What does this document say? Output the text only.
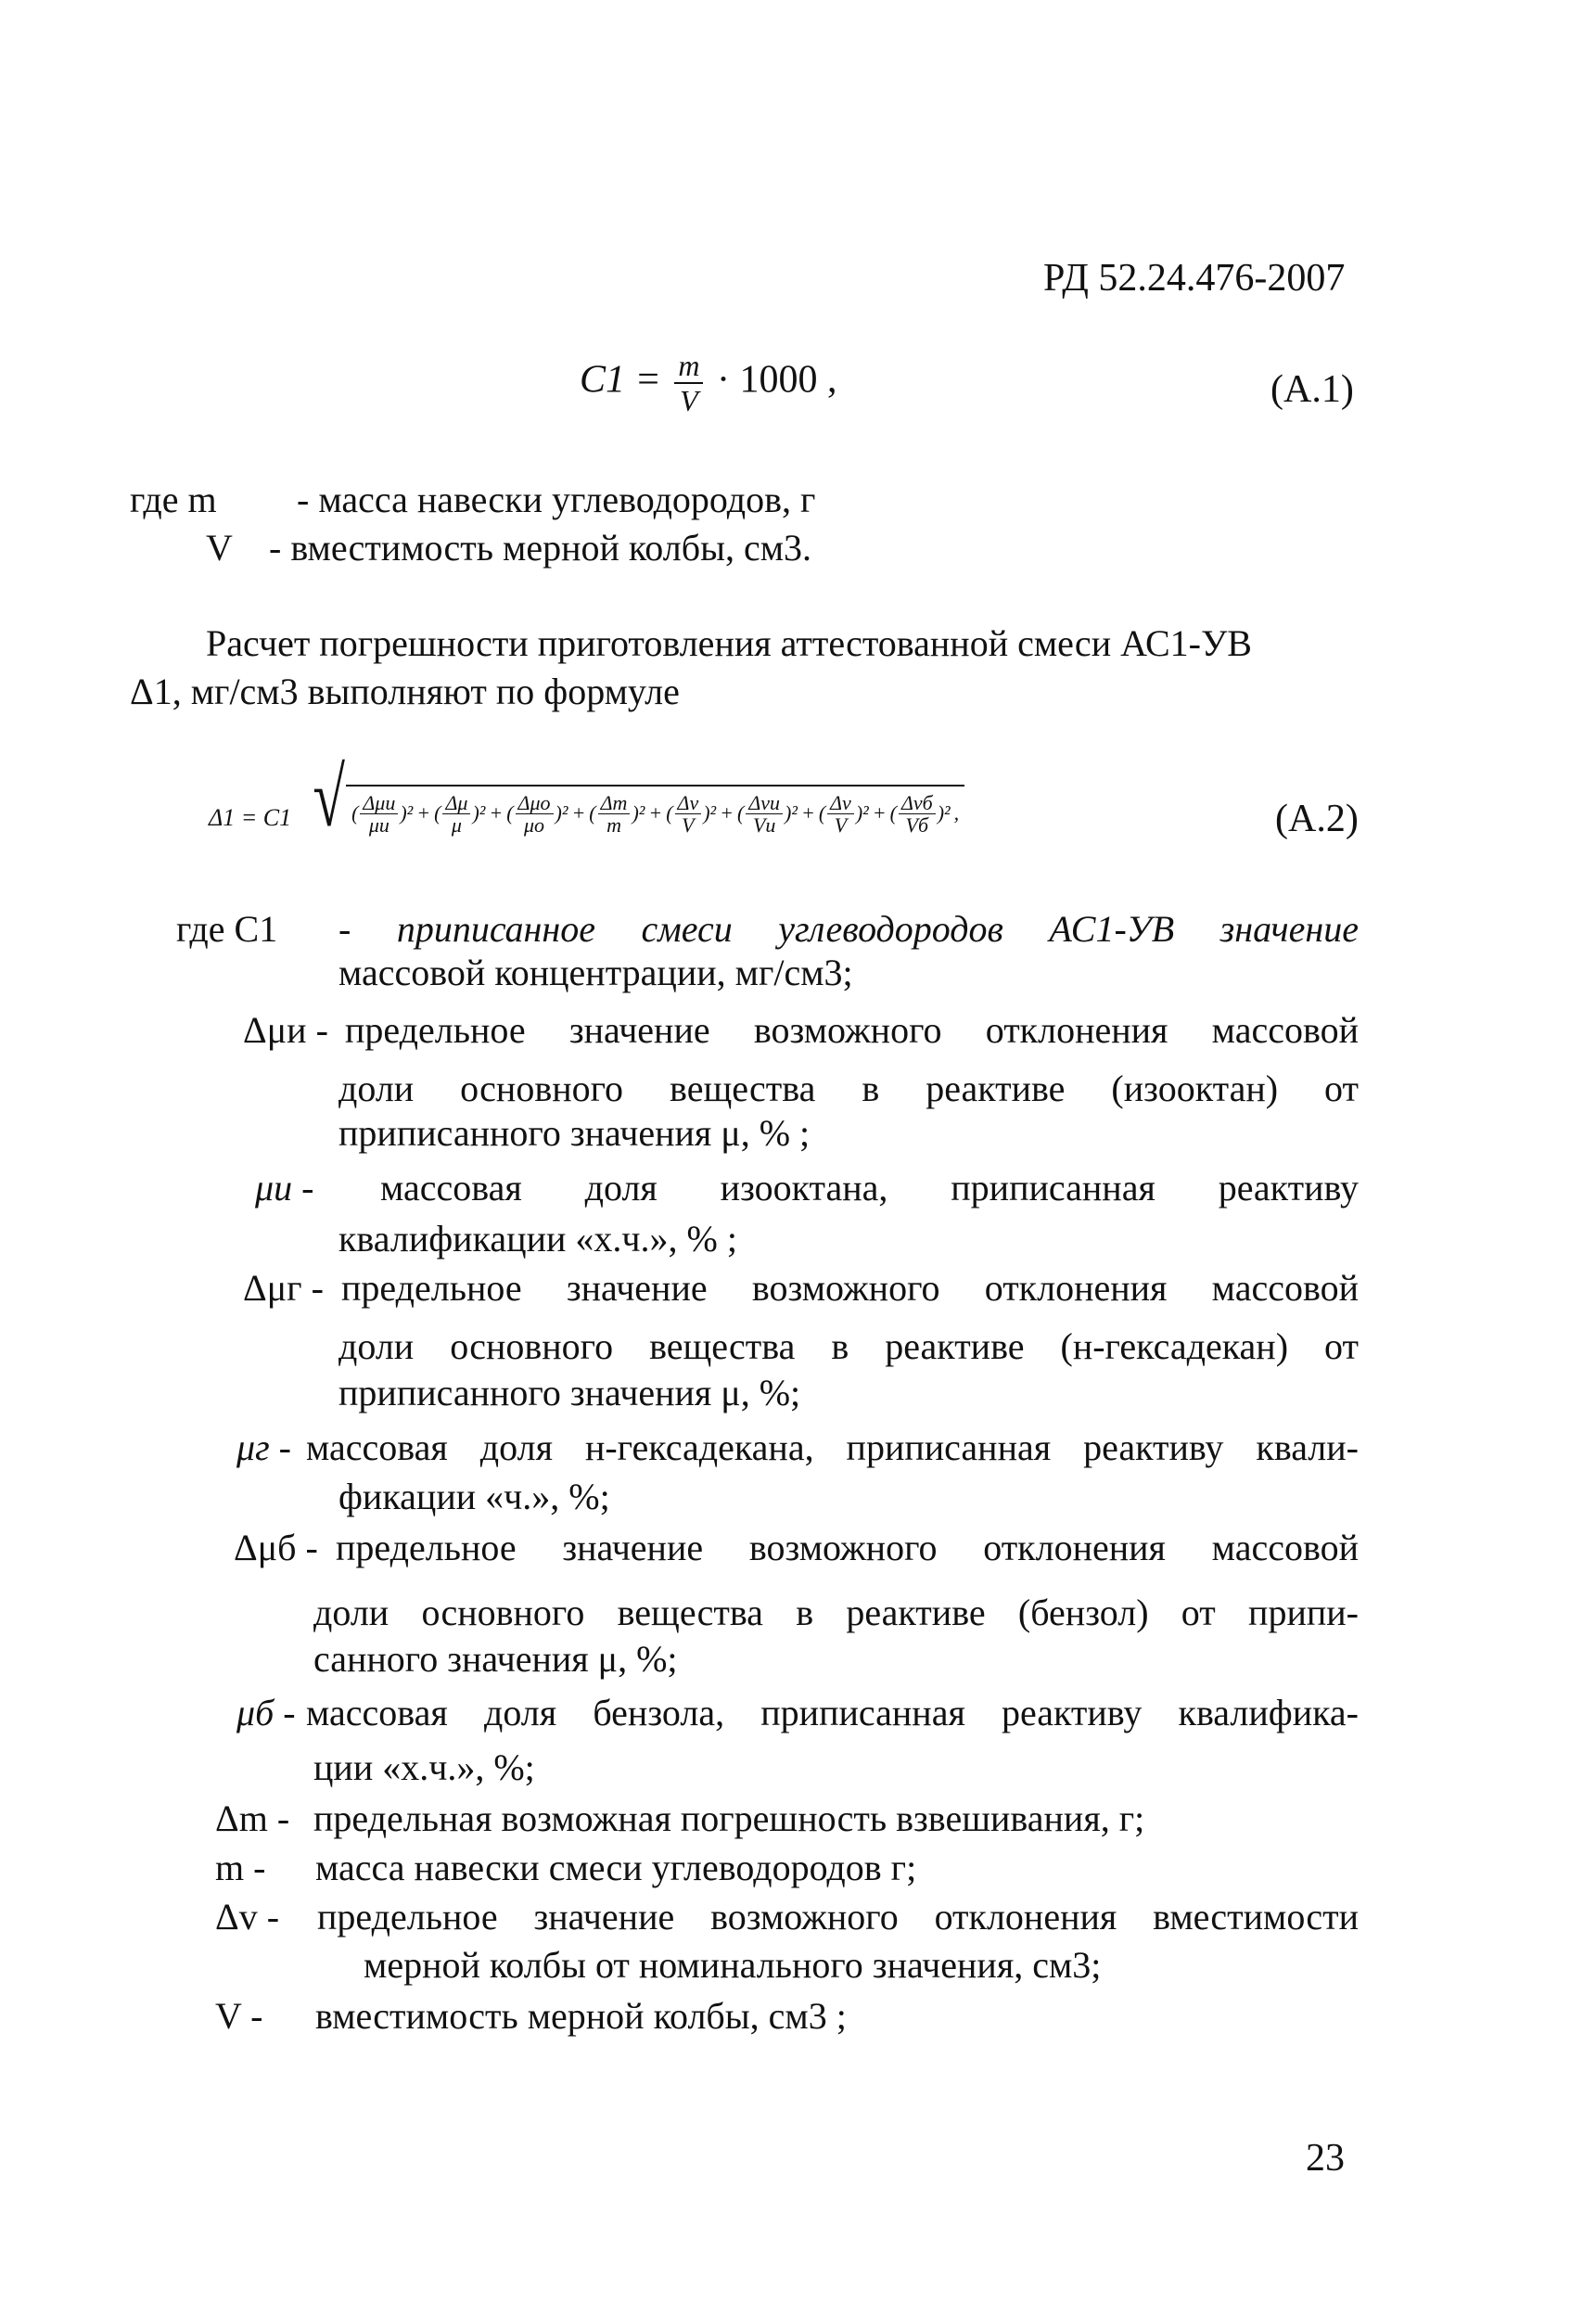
РД 52.24.476-2007
$C1 = \frac{m}{V} \cdot 1000$ ,	(А.1)
где m - масса навески углеводородов, г
V - вместимость мерной колбы, см3.
Расчет погрешности приготовления аттестованной смеси АС1-УВ
Δ1, мг/см3 выполняют по формуле
Δ1 = C1 √ ( Δμи
μи
)² + ( Δμ
μ
)² + ( Δμо
μо
)² + ( Δm
m
)² + ( Δv
V
)² + ( Δvи
Vи
)² + ( Δv
V
)² + ( Δvб
Vб
)² ,	(А.2)
где C1 - приписанное смеси углеводородов АС1-УВ значение
массовой концентрации, мг/см3;
Δμи - предельное значение возможного отклонения массовой
доли основного вещества в реактиве (изооктан) от
приписанного значения μ, % ;
μи - массовая доля изооктана, приписанная реактиву
квалификации «х.ч.», % ;
Δμг - предельное значение возможного отклонения массовой
доли основного вещества в реактиве (н-гексадекан) от
приписанного значения μ, %;
μг - массовая доля н-гексадекана, приписанная реактиву квали-
фикации «ч.», %;
Δμб - предельное значение возможного отклонения массовой
доли основного вещества в реактиве (бензол) от припи-
санного значения μ, %;
μб - массовая доля бензола, приписанная реактиву квалифика-
ции «х.ч.», %;
Δm - предельная возможная погрешность взвешивания, г;
m - масса навески смеси углеводородов г;
Δv - предельное значение возможного отклонения вместимости
мерной колбы от номинального значения, см3;
V - вместимость мерной колбы, см3 ;
23
